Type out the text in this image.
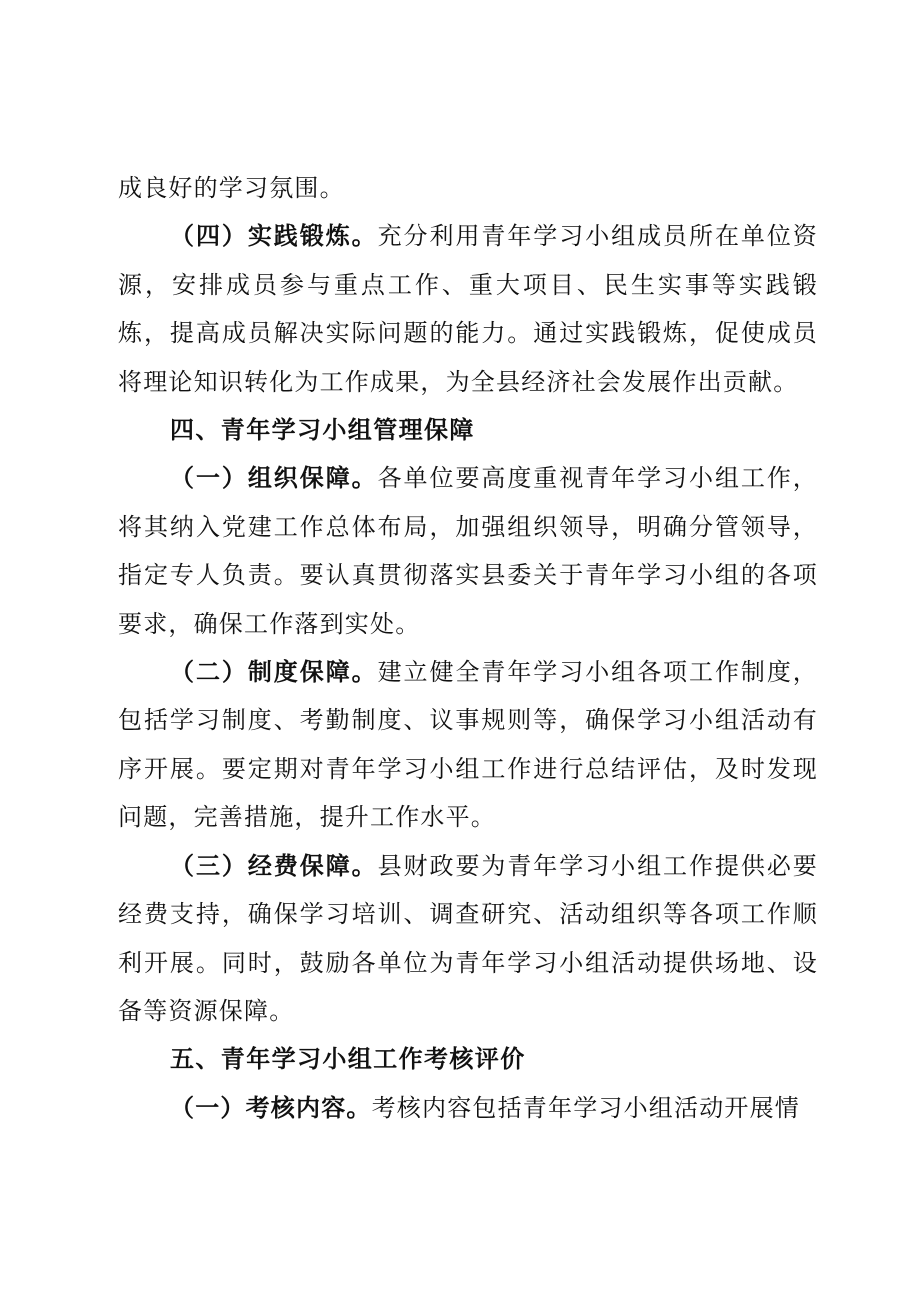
成良好的学习氛围。

（四）实践锻炼。充分利用青年学习小组成员所在单位资源，安排成员参与重点工作、重大项目、民生实事等实践锻炼，提高成员解决实际问题的能力。通过实践锻炼，促使成员将理论知识转化为工作成果，为全县经济社会发展作出贡献。

四、青年学习小组管理保障

（一）组织保障。各单位要高度重视青年学习小组工作，将其纳入党建工作总体布局，加强组织领导，明确分管领导，指定专人负责。要认真贯彻落实县委关于青年学习小组的各项要求，确保工作落到实处。

（二）制度保障。建立健全青年学习小组各项工作制度，包括学习制度、考勤制度、议事规则等，确保学习小组活动有序开展。要定期对青年学习小组工作进行总结评估，及时发现问题，完善措施，提升工作水平。

（三）经费保障。县财政要为青年学习小组工作提供必要经费支持，确保学习培训、调查研究、活动组织等各项工作顺利开展。同时，鼓励各单位为青年学习小组活动提供场地、设备等资源保障。

五、青年学习小组工作考核评价

（一）考核内容。考核内容包括青年学习小组活动开展情
